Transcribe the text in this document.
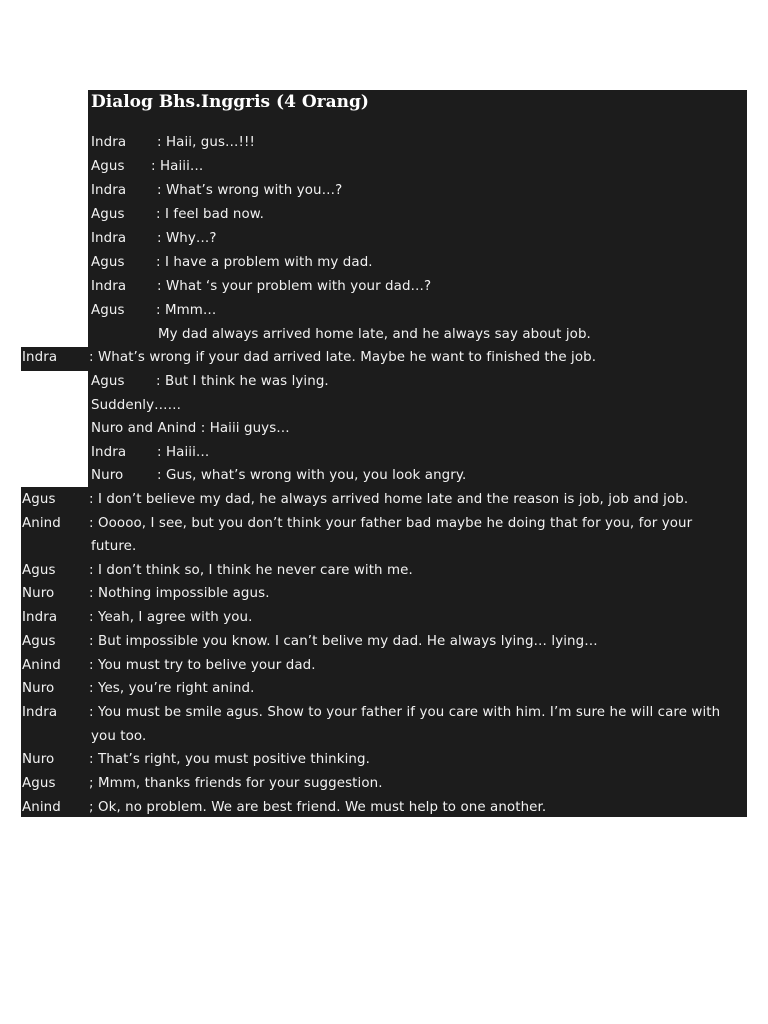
Dialog Bhs.Inggris (4 Orang)
Indra : Haii, gus…!!!
Agus : Haiii…
Indra : What’s wrong with you…?
Agus : I feel bad now.
Indra : Why…?
Agus : I have a problem with my dad.
Indra : What ‘s your problem with your dad…?
Agus : Mmm…
My dad always arrived home late, and he always say about job.
Indra : What’s wrong if your dad arrived late. Maybe he want to finished the job.
Agus : But I think he was lying.
Suddenly……
Nuro and Anind : Haiii guys…
Indra : Haiii…
Nuro	: Gus, what’s wrong with you, you look angry.
Agus : I don’t believe my dad, he always arrived home late and the reason is job, job and job.
Anind : Ooooo, I see, but you don’t think your father bad maybe he doing that for you, for your
future.
Agus : I don’t think so, I think he never care with me.
Nuro	: Nothing impossible agus.
Indra : Yeah, I agree with you.
Agus : But impossible you know. I can’t belive my dad. He always lying… lying…
Anind : You must try to belive your dad.
Nuro	: Yes, you’re right anind.
Indra : You must be smile agus. Show to your father if you care with him. I’m sure he will care with
you too.
Nuro	: That’s right, you must positive thinking.
Agus ; Mmm, thanks friends for your suggestion.
Anind ; Ok, no problem. We are best friend. We must help to one another.
